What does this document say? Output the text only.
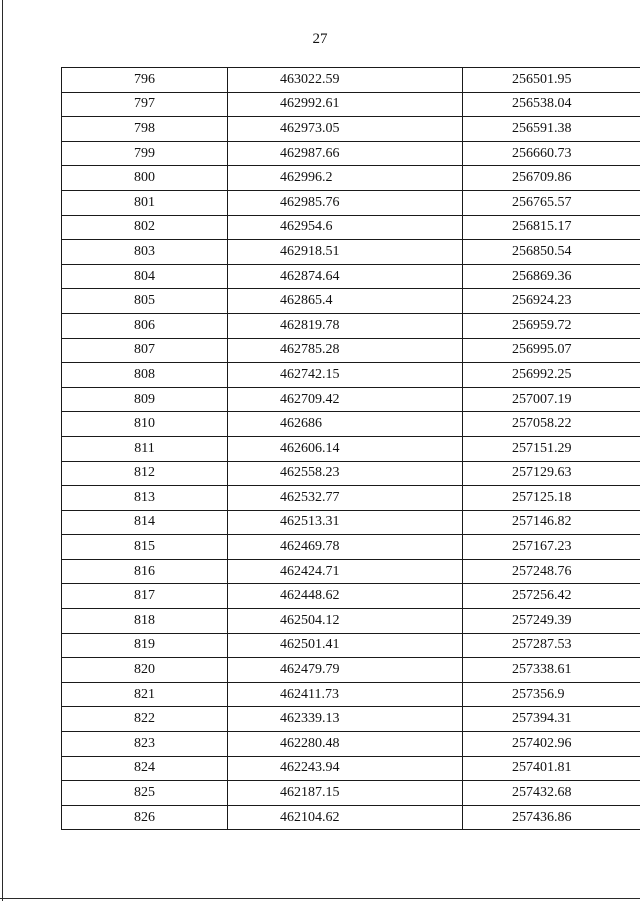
27
796	463022.59	256501.95
797	462992.61	256538.04
798	462973.05	256591.38
799	462987.66	256660.73
800	462996.2	256709.86
801	462985.76	256765.57
802	462954.6	256815.17
803	462918.51	256850.54
804	462874.64	256869.36
805	462865.4	256924.23
806	462819.78	256959.72
807	462785.28	256995.07
808	462742.15	256992.25
809	462709.42	257007.19
810	462686	257058.22
811	462606.14	257151.29
812	462558.23	257129.63
813	462532.77	257125.18
814	462513.31	257146.82
815	462469.78	257167.23
816	462424.71	257248.76
817	462448.62	257256.42
818	462504.12	257249.39
819	462501.41	257287.53
820	462479.79	257338.61
821	462411.73	257356.9
822	462339.13	257394.31
823	462280.48	257402.96
824	462243.94	257401.81
825	462187.15	257432.68
826	462104.62	257436.86
